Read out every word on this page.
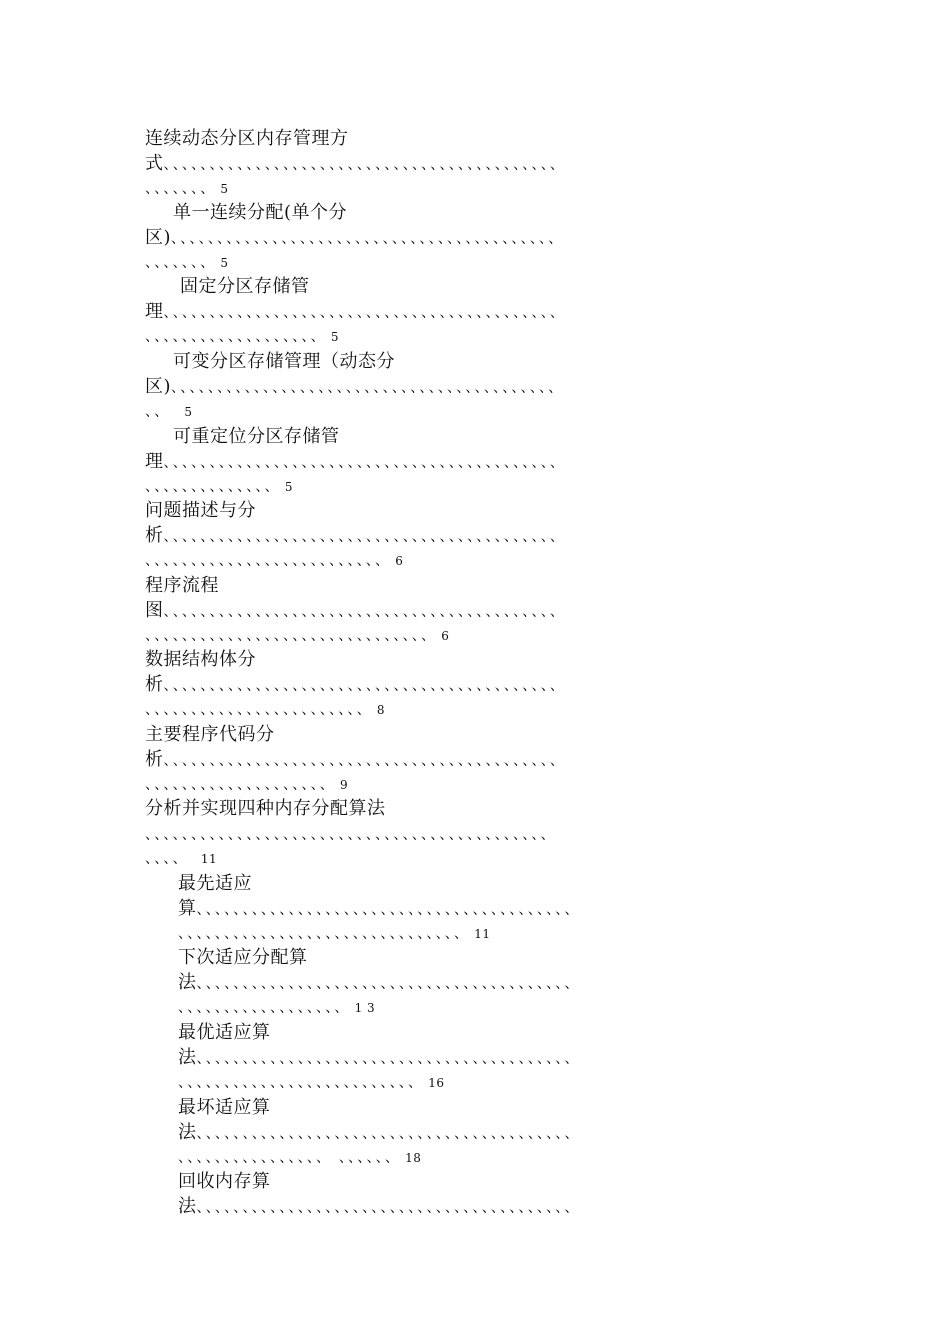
连续动态分区内存管理方
式、、、、、、、、、、、、、、、、、、、、、、、、、、、、、、、、、、、、、、、、、、、
、、、、、、、 5
单一连续分配(单个分
区)、、、、、、、、、、、、、、、、、、、、、、、、、、、、、、、、、、、、、、、、、、
、、、、、、、 5
固定分区存储管
理、、、、、、、、、、、、、、、、、、、、、、、、、、、、、、、、、、、、、、、、、、、
、、、、、、、、、、、、、、、、、、、 5
可变分区存储管理（动态分
区)、、、、、、、、、、、、、、、、、、、、、、、、、、、、、、、、、、、、、、、、、、
、、 5
可重定位分区存储管
理、、、、、、、、、、、、、、、、、、、、、、、、、、、、、、、、、、、、、、、、、、、
、、、、、、、、、、、、、、 5
问题描述与分
析、、、、、、、、、、、、、、、、、、、、、、、、、、、、、、、、、、、、、、、、、、、
、、、、、、、、、、、、、、、、、、、、、、、、、、 6
程序流程
图、、、、、、、、、、、、、、、、、、、、、、、、、、、、、、、、、、、、、、、、、、、
、、、、、、、、、、、、、、、、、、、、、、、、、、、、、、、 6
数据结构体分
析、、、、、、、、、、、、、、、、、、、、、、、、、、、、、、、、、、、、、、、、、、、
、、、、、、、、、、、、、、、、、、、、、、、、 8
主要程序代码分
析、、、、、、、、、、、、、、、、、、、、、、、、、、、、、、、、、、、、、、、、、、、
、、、、、、、、、、、、、、、、、、、、 9
分析并实现四种内存分配算法
、、、、、、、、、、、、、、、、、、、、、、、、、、、、、、、、、、、、、、、、、、、、
、、、、 11
最先适应
算、、、、、、、、、、、、、、、、、、、、、、、、、、、、、、、、、、、、、、、、、
、、、、、、、、、、、、、、、、、、、、、、、、、、、、、、、 11
下次适应分配算
法、、、、、、、、、、、、、、、、、、、、、、、、、、、、、、、、、、、、、、、、、
、、、、、、、、、、、、、、、、、、 1 3
最优适应算
法、、、、、、、、、、、、、、、、、、、、、、、、、、、、、、、、、、、、、、、、、
、、、、、、、、、、、、、、、、、、、、、、、、、、 16
最坏适应算
法、、、、、、、、、、、、、、、、、、、、、、、、、、、、、、、、、、、、、、、、、
、、、、、、、、、、、、、、、、 、、、、、、 18
回收内存算
法、、、、、、、、、、、、、、、、、、、、、、、、、、、、、、、、、、、、、、、、、
